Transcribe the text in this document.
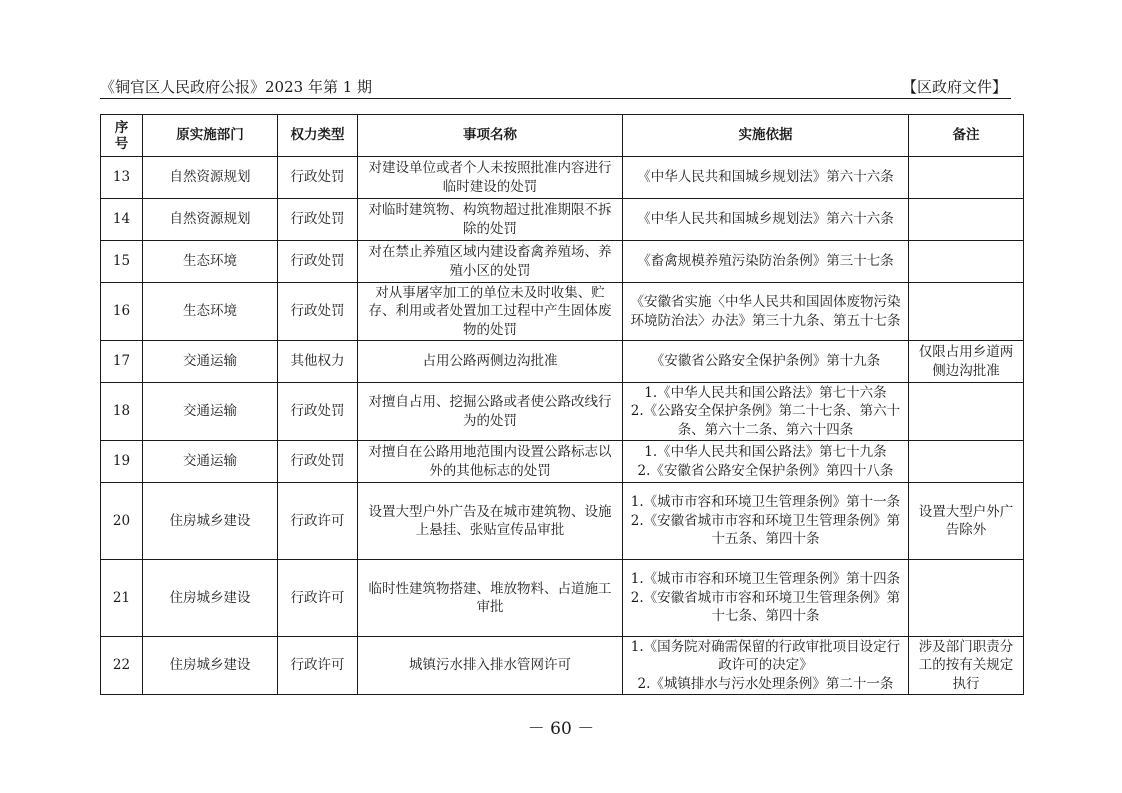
《铜官区人民政府公报》2023 年第 1 期	【区政府文件】
序
号	原实施部门	权力类型	事项名称	实施依据	备注
13	自然资源规划	行政处罚	对建设单位或者个人未按照批准内容进行临时建设的处罚	《中华人民共和国城乡规划法》第六十六条	

14	自然资源规划	行政处罚	对临时建筑物、构筑物超过批准期限不拆除的处罚	《中华人民共和国城乡规划法》第六十六条	

15	生态环境	行政处罚	对在禁止养殖区域内建设畜禽养殖场、养殖小区的处罚	《畜禽规模养殖污染防治条例》第三十七条	

16	生态环境	行政处罚	对从事屠宰加工的单位未及时收集、贮存、利用或者处置加工过程中产生固体废物的处罚	《安徽省实施〈中华人民共和国固体废物污染环境防治法〉办法》第三十九条、第五十七条	

17	交通运输	其他权力	占用公路两侧边沟批准	《安徽省公路安全保护条例》第十九条	仅限占用乡道两侧边沟批准
18	交通运输	行政处罚	对擅自占用、挖掘公路或者使公路改线行为的处罚	1.《中华人民共和国公路法》第七十六条
2.《公路安全保护条例》第二十七条、第六十条、第六十二条、第六十四条	

19	交通运输	行政处罚	对擅自在公路用地范围内设置公路标志以外的其他标志的处罚	1.《中华人民共和国公路法》第七十九条
2.《安徽省公路安全保护条例》第四十八条	

20	住房城乡建设	行政许可	设置大型户外广告及在城市建筑物、设施上悬挂、张贴宣传品审批	1.《城市市容和环境卫生管理条例》第十一条
2.《安徽省城市市容和环境卫生管理条例》第十五条、第四十条	设置大型户外广告除外
21	住房城乡建设	行政许可	临时性建筑物搭建、堆放物料、占道施工审批	1.《城市市容和环境卫生管理条例》第十四条
2.《安徽省城市市容和环境卫生管理条例》第十七条、第四十条	

22	住房城乡建设	行政许可	城镇污水排入排水管网许可	1.《国务院对确需保留的行政审批项目设定行政许可的决定》
2.《城镇排水与污水处理条例》第二十一条	涉及部门职责分工的按有关规定执行
－ 60 －
